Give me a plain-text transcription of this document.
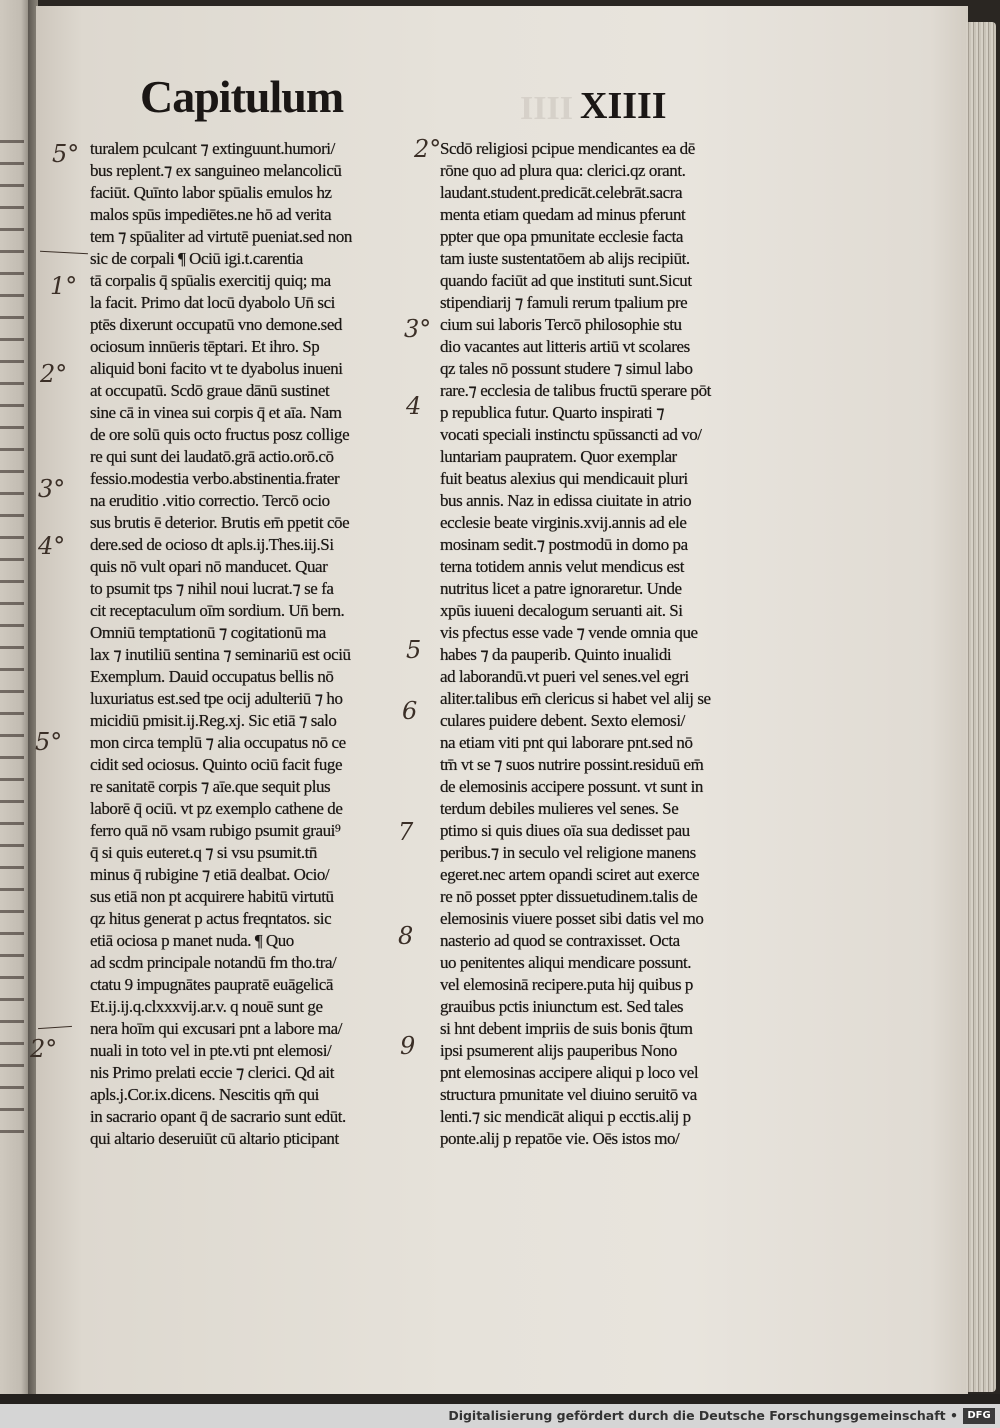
IIII
Capitulum	XIIII
turalem pculcant ⁊ extinguunt.humori/
bus replent.⁊ ex sanguineo melancolicū
faciūt. Quīnto labor spūalis emulos hz
malos spūs impediētes.ne hō ad verita
tem ⁊ spūaliter ad virtutē pueniat.sed non
sic de corpali ¶ Ociū igi.t.carentia
tā corpalis q̄ spūalis exercitij quiq; ma
la facit. Primo dat locū dyabolo Un̄ sci
ptēs dixerunt occupatū vno demone.sed
ociosum innūeris tēptari. Et ihro. Sp
aliquid boni facito vt te dyabolus inueni
at occupatū. Scdō graue dānū sustinet
sine cā in vinea sui corpis q̄ et aīa. Nam
de ore solū quis octo fructus posz collige
re qui sunt dei laudatō.grā actio.orō.cō
fessio.modestia verbo.abstinentia.frater
na eruditio .vitio correctio. Tercō ocio
sus brutis ē deterior. Brutis em̄ ppetit cōe
dere.sed de ocioso dt apls.ij.Thes.iij.Si
quis nō vult opari nō manducet. Quar
to psumit tps ⁊ nihil noui lucrat.⁊ se fa
cit receptaculum oīm sordium. Un̄ bern.
Omniū temptationū ⁊ cogitationū ma
lax ⁊ inutiliū sentina ⁊ seminariū est ociū
Exemplum. Dauid occupatus bellis nō
luxuriatus est.sed tpe ocij adulteriū ⁊ ho
micidiū pmisit.ij.Reg.xj. Sic etiā ⁊ salo
mon circa templū ⁊ alia occupatus nō ce
cidit sed ociosus. Quinto ociū facit fuge
re sanitatē corpis ⁊ aīe.que sequit plus
laborē q̄ ociū. vt pz exemplo cathene de
ferro quā nō vsam rubigo psumit graui⁹
q̄ si quis euteret.q ⁊ si vsu psumit.tn̄
minus q̄ rubigine ⁊ etiā dealbat. Ocio/
sus etiā non pt acquirere habitū virtutū
qz hitus generat p actus freqntatos. sic
etiā ociosa p manet nuda. ¶ Quo
ad scdm principale notandū fm tho.tra/
ctatu 9 impugnātes paupratē euāgelicā
Et.ij.ij.q.clxxxvij.ar.v. q nouē sunt ge
nera hoīm qui excusari pnt a labore ma/
nuali in toto vel in pte.vti pnt elemosi/
nis Primo prelati eccie ⁊ clerici. Qd ait
apls.j.Cor.ix.dicens. Nescitis qm̄ qui
in sacrario opant q̄ de sacrario sunt edūt.
qui altario deseruiūt cū altario pticipant
Scdō religiosi pcipue mendicantes ea dē
rōne quo ad plura qua: clerici.qz orant.
laudant.student.predicāt.celebrāt.sacra
menta etiam quedam ad minus pferunt
ppter que opa pmunitate ecclesie facta
tam iuste sustentatōem ab alijs recipiūt.
quando faciūt ad que instituti sunt.Sicut
stipendiarij ⁊ famuli rerum tpalium pre
cium sui laboris Tercō philosophie stu
dio vacantes aut litteris artiū vt scolares
qz tales nō possunt studere ⁊ simul labo
rare.⁊ ecclesia de talibus fructū sperare pōt
p republica futur. Quarto inspirati ⁊
vocati speciali instinctu spūssancti ad vo/
luntariam paupratem. Quor exemplar
fuit beatus alexius qui mendicauit pluri
bus annis. Naz in edissa ciuitate in atrio
ecclesie beate virginis.xvij.annis ad ele
mosinam sedit.⁊ postmodū in domo pa
terna totidem annis velut mendicus est
nutritus licet a patre ignoraretur. Unde
xpūs iuueni decalogum seruanti ait. Si
vis pfectus esse vade ⁊ vende omnia que
habes ⁊ da pauperib. Quinto inualidi
ad laborandū.vt pueri vel senes.vel egri
aliter.talibus em̄ clericus si habet vel alij se
culares puidere debent. Sexto elemosi/
na etiam viti pnt qui laborare pnt.sed nō
tm̄ vt se ⁊ suos nutrire possint.residuū em̄
de elemosinis accipere possunt. vt sunt in
terdum debiles mulieres vel senes. Se
ptimo si quis diues oīa sua dedisset pau
peribus.⁊ in seculo vel religione manens
egeret.nec artem opandi sciret aut exerce
re nō posset ppter dissuetudinem.talis de
elemosinis viuere posset sibi datis vel mo
nasterio ad quod se contraxisset. Octa
uo penitentes aliqui mendicare possunt.
vel elemosinā recipere.puta hij quibus p
grauibus pctis iniunctum est. Sed tales
si hnt debent impriis de suis bonis q̄tum
ipsi psumerent alijs pauperibus Nono
pnt elemosinas accipere aliqui p loco vel
structura pmunitate vel diuino seruitō va
lenti.⁊ sic mendicāt aliqui p ecctis.alij p
ponte.alij p repatōe vie. Oēs istos mo/
5°
1°
2°
3°
4°
5°
2°
2°
3°
4
5
6
7
8
9
Digitalisierung gefördert durch die Deutsche Forschungsgemeinschaft • DFG
